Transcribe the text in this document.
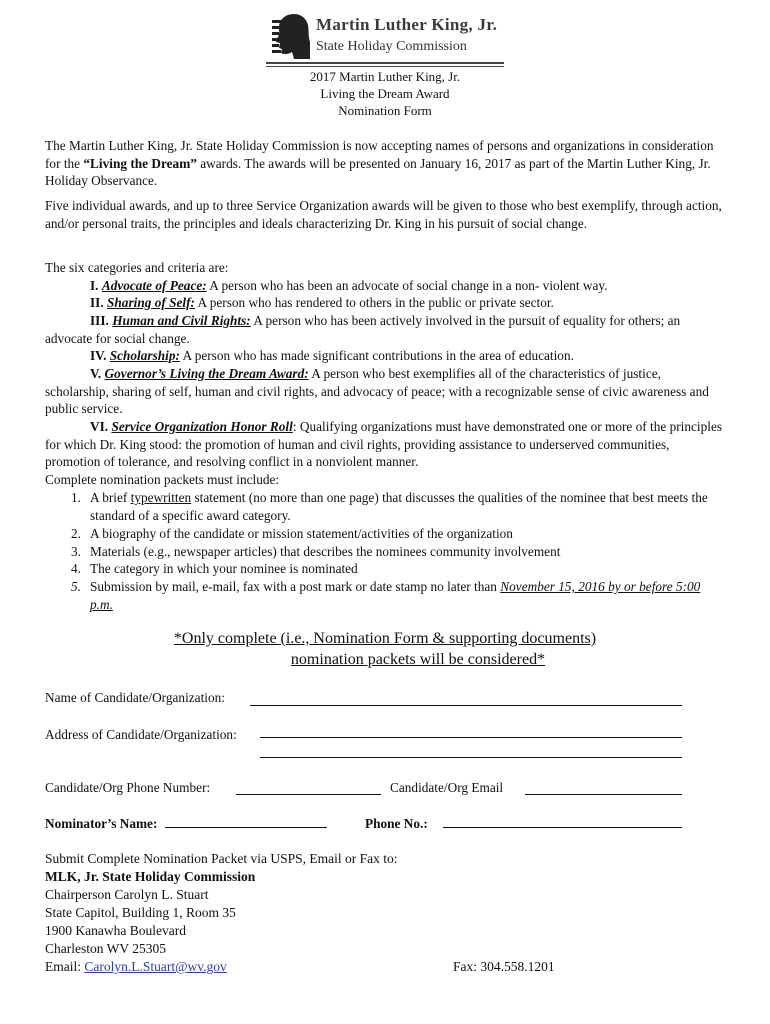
Martin Luther King, Jr.
State Holiday Commission
2017 Martin Luther King, Jr.
Living the Dream Award
Nomination Form
The Martin Luther King, Jr. State Holiday Commission is now accepting names of persons and organizations in consideration for the “Living the Dream” awards. The awards will be presented on January 16, 2017 as part of the Martin Luther King, Jr. Holiday Observance.
Five individual awards, and up to three Service Organization awards will be given to those who best exemplify, through action, and/or personal traits, the principles and ideals characterizing Dr. King in his pursuit of social change.
The six categories and criteria are:
I. Advocate of Peace: A person who has been an advocate of social change in a non- violent way.
II. Sharing of Self: A person who has rendered to others in the public or private sector.
III. Human and Civil Rights: A person who has been actively involved in the pursuit of equality for others; an advocate for social change.
IV. Scholarship: A person who has made significant contributions in the area of education.
V. Governor’s Living the Dream Award: A person who best exemplifies all of the characteristics of justice, scholarship, sharing of self, human and civil rights, and advocacy of peace; with a recognizable sense of civic awareness and public service.
VI. Service Organization Honor Roll: Qualifying organizations must have demonstrated one or more of the principles for which Dr. King stood: the promotion of human and civil rights, providing assistance to underserved communities, promotion of tolerance, and resolving conflict in a nonviolent manner.
Complete nomination packets must include:
1. A brief typewritten statement (no more than one page) that discusses the qualities of the nominee that best meets the standard of a specific award category.
2. A biography of the candidate or mission statement/activities of the organization
3. Materials (e.g., newspaper articles) that describes the nominees community involvement
4. The category in which your nominee is nominated
5. Submission by mail, e-mail, fax with a post mark or date stamp no later than November 15, 2016 by or before 5:00 p.m.
*Only complete (i.e., Nomination Form & supporting documents)
nomination packets will be considered*
Name of Candidate/Organization:
Address of Candidate/Organization:
Candidate/Org Phone Number:	Candidate/Org Email
Nominator’s Name:	Phone No.:
Submit Complete Nomination Packet via USPS, Email or Fax to:
MLK, Jr. State Holiday Commission
Chairperson Carolyn L. Stuart
State Capitol, Building 1, Room 35
1900 Kanawha Boulevard
Charleston WV 25305
Email: Carolyn.L.Stuart@wv.gov	Fax: 304.558.1201
